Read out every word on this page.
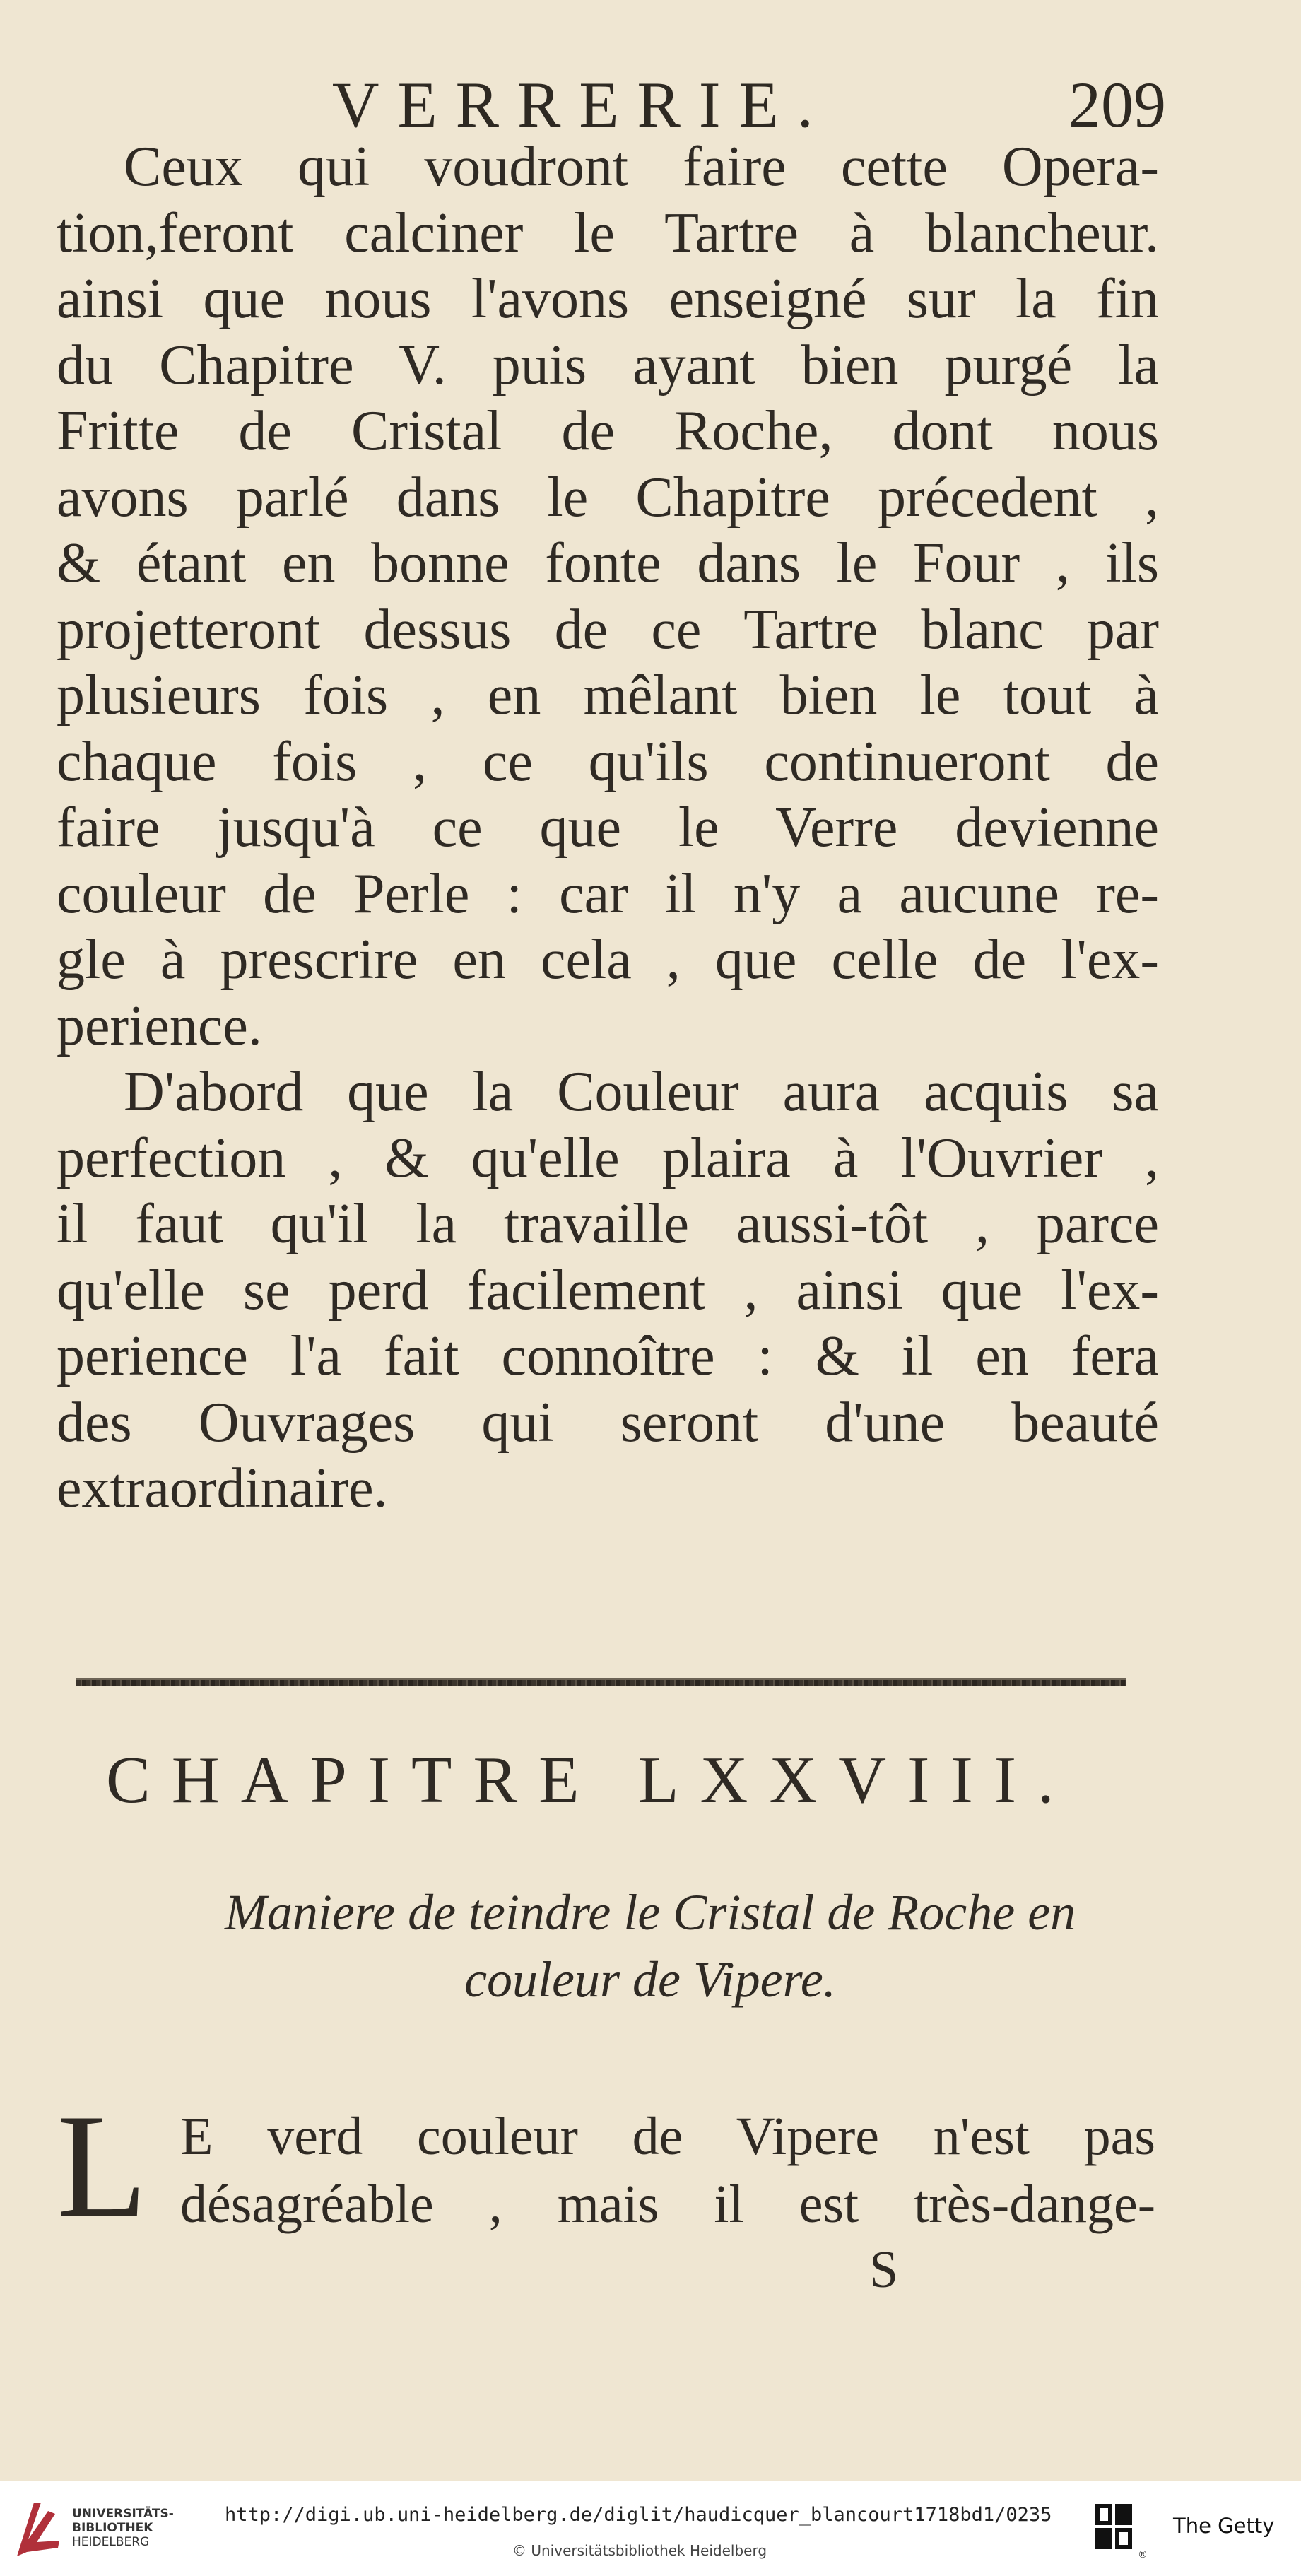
VERRERIE.	209
Ceux qui voudront faire cette Opera-
tion,feront calciner le Tartre à blancheur.
ainsi que nous l'avons enseigné sur la fin
du Chapitre V. puis ayant bien purgé la
Fritte de Cristal de Roche, dont nous
avons parlé dans le Chapitre précedent ,
& étant en bonne fonte dans le Four , ils
projetteront dessus de ce Tartre blanc par
plusieurs fois , en mêlant bien le tout à
chaque fois , ce qu'ils continueront de
faire jusqu'à ce que le Verre devienne
couleur de Perle : car il n'y a aucune re-
gle à prescrire en cela , que celle de l'ex-
perience.
D'abord que la Couleur aura acquis sa
perfection , & qu'elle plaira à l'Ouvrier ,
il faut qu'il la travaille aussi-tôt , parce
qu'elle se perd facilement , ainsi que l'ex-
perience l'a fait connoître : & il en fera
des Ouvrages qui seront d'une beauté
extraordinaire.
CHAPITRE LXXVIII.
Maniere de teindre le Cristal de Roche en
couleur de Vipere.
L E verd couleur de Vipere n'est pas
désagréable , mais il est très-dange-
S
UNIVERSITÄTS-
BIBLIOTHEK
HEIDELBERG
http://digi.ub.uni-heidelberg.de/diglit/haudicquer_blancourt1718bd1/0235
© Universitätsbibliothek Heidelberg	®
The Getty
